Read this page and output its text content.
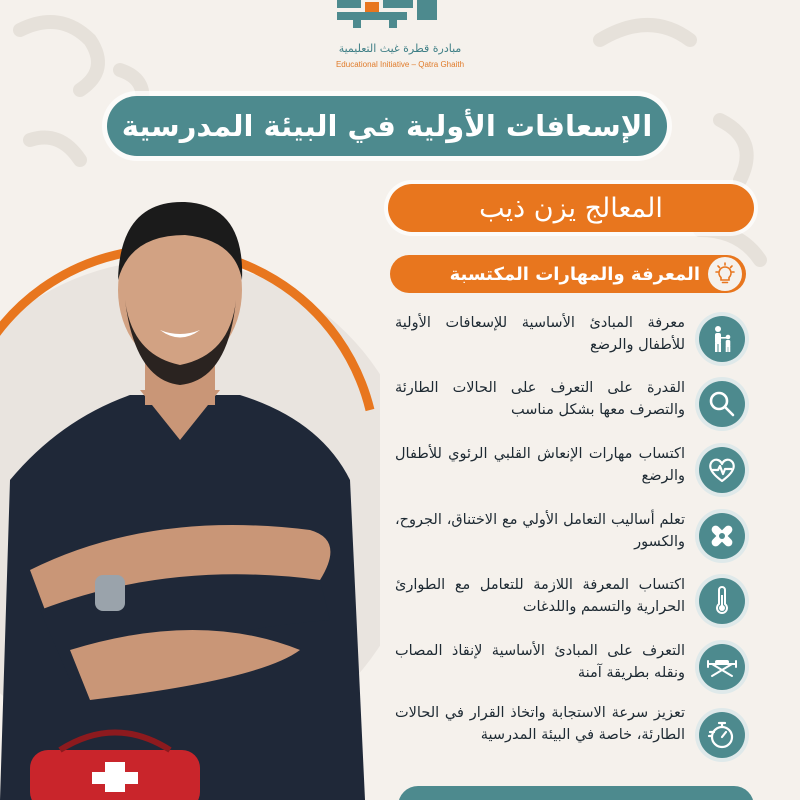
مبادرة قطرة غيث التعليمية
Educational Initiative – Qatra Ghaith
الإسعافات الأولية في البيئة المدرسية
المعالج يزن ذيب
المعرفة والمهارات المكتسبة
معرفة المبادئ الأساسية للإسعافات الأولية للأطفال والرضع
القدرة على التعرف على الحالات الطارئة والتصرف معها بشكل مناسب
اكتساب مهارات الإنعاش القلبي الرئوي للأطفال والرضع
تعلم أساليب التعامل الأولي مع الاختناق، الجروح، والكسور
اكتساب المعرفة اللازمة للتعامل مع الطوارئ الحرارية والتسمم واللدغات
التعرف على المبادئ الأساسية لإنقاذ المصاب ونقله بطريقة آمنة
تعزيز سرعة الاستجابة واتخاذ القرار في الحالات الطارئة، خاصة في البيئة المدرسية
